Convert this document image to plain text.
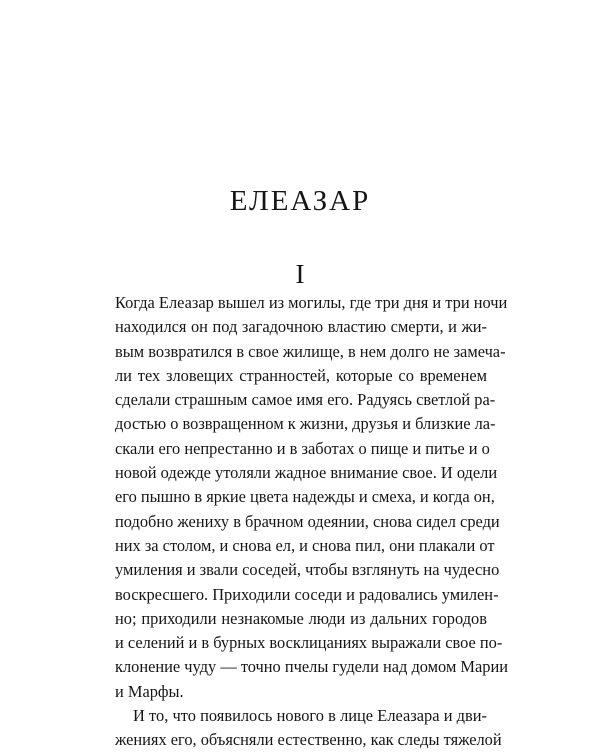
ЕЛЕАЗАР
I
Когда Елеазар вышел из могилы, где три дня и три ночи
находился он под загадочною властию смерти, и жи-
вым возвратился в свое жилище, в нем долго не замеча-
ли тех зловещих странностей, которые со временем
сделали страшным самое имя его. Радуясь светлой ра-
достью о возвращенном к жизни, друзья и близкие ла-
скали его непрестанно и в заботах о пище и питье и о
новой одежде утоляли жадное внимание свое. И одели
его пышно в яркие цвета надежды и смеха, и когда он,
подобно жениху в брачном одеянии, снова сидел среди
них за столом, и снова ел, и снова пил, они плакали от
умиления и звали соседей, чтобы взглянуть на чудесно
воскресшего. Приходили соседи и радовались умилен-
но; приходили незнакомые люди из дальних городов
и селений и в бурных восклицаниях выражали свое по-
клонение чуду — точно пчелы гудели над домом Марии
и Марфы.
И то, что появилось нового в лице Елеазара и дви-
жениях его, объясняли естественно, как следы тяжелой
